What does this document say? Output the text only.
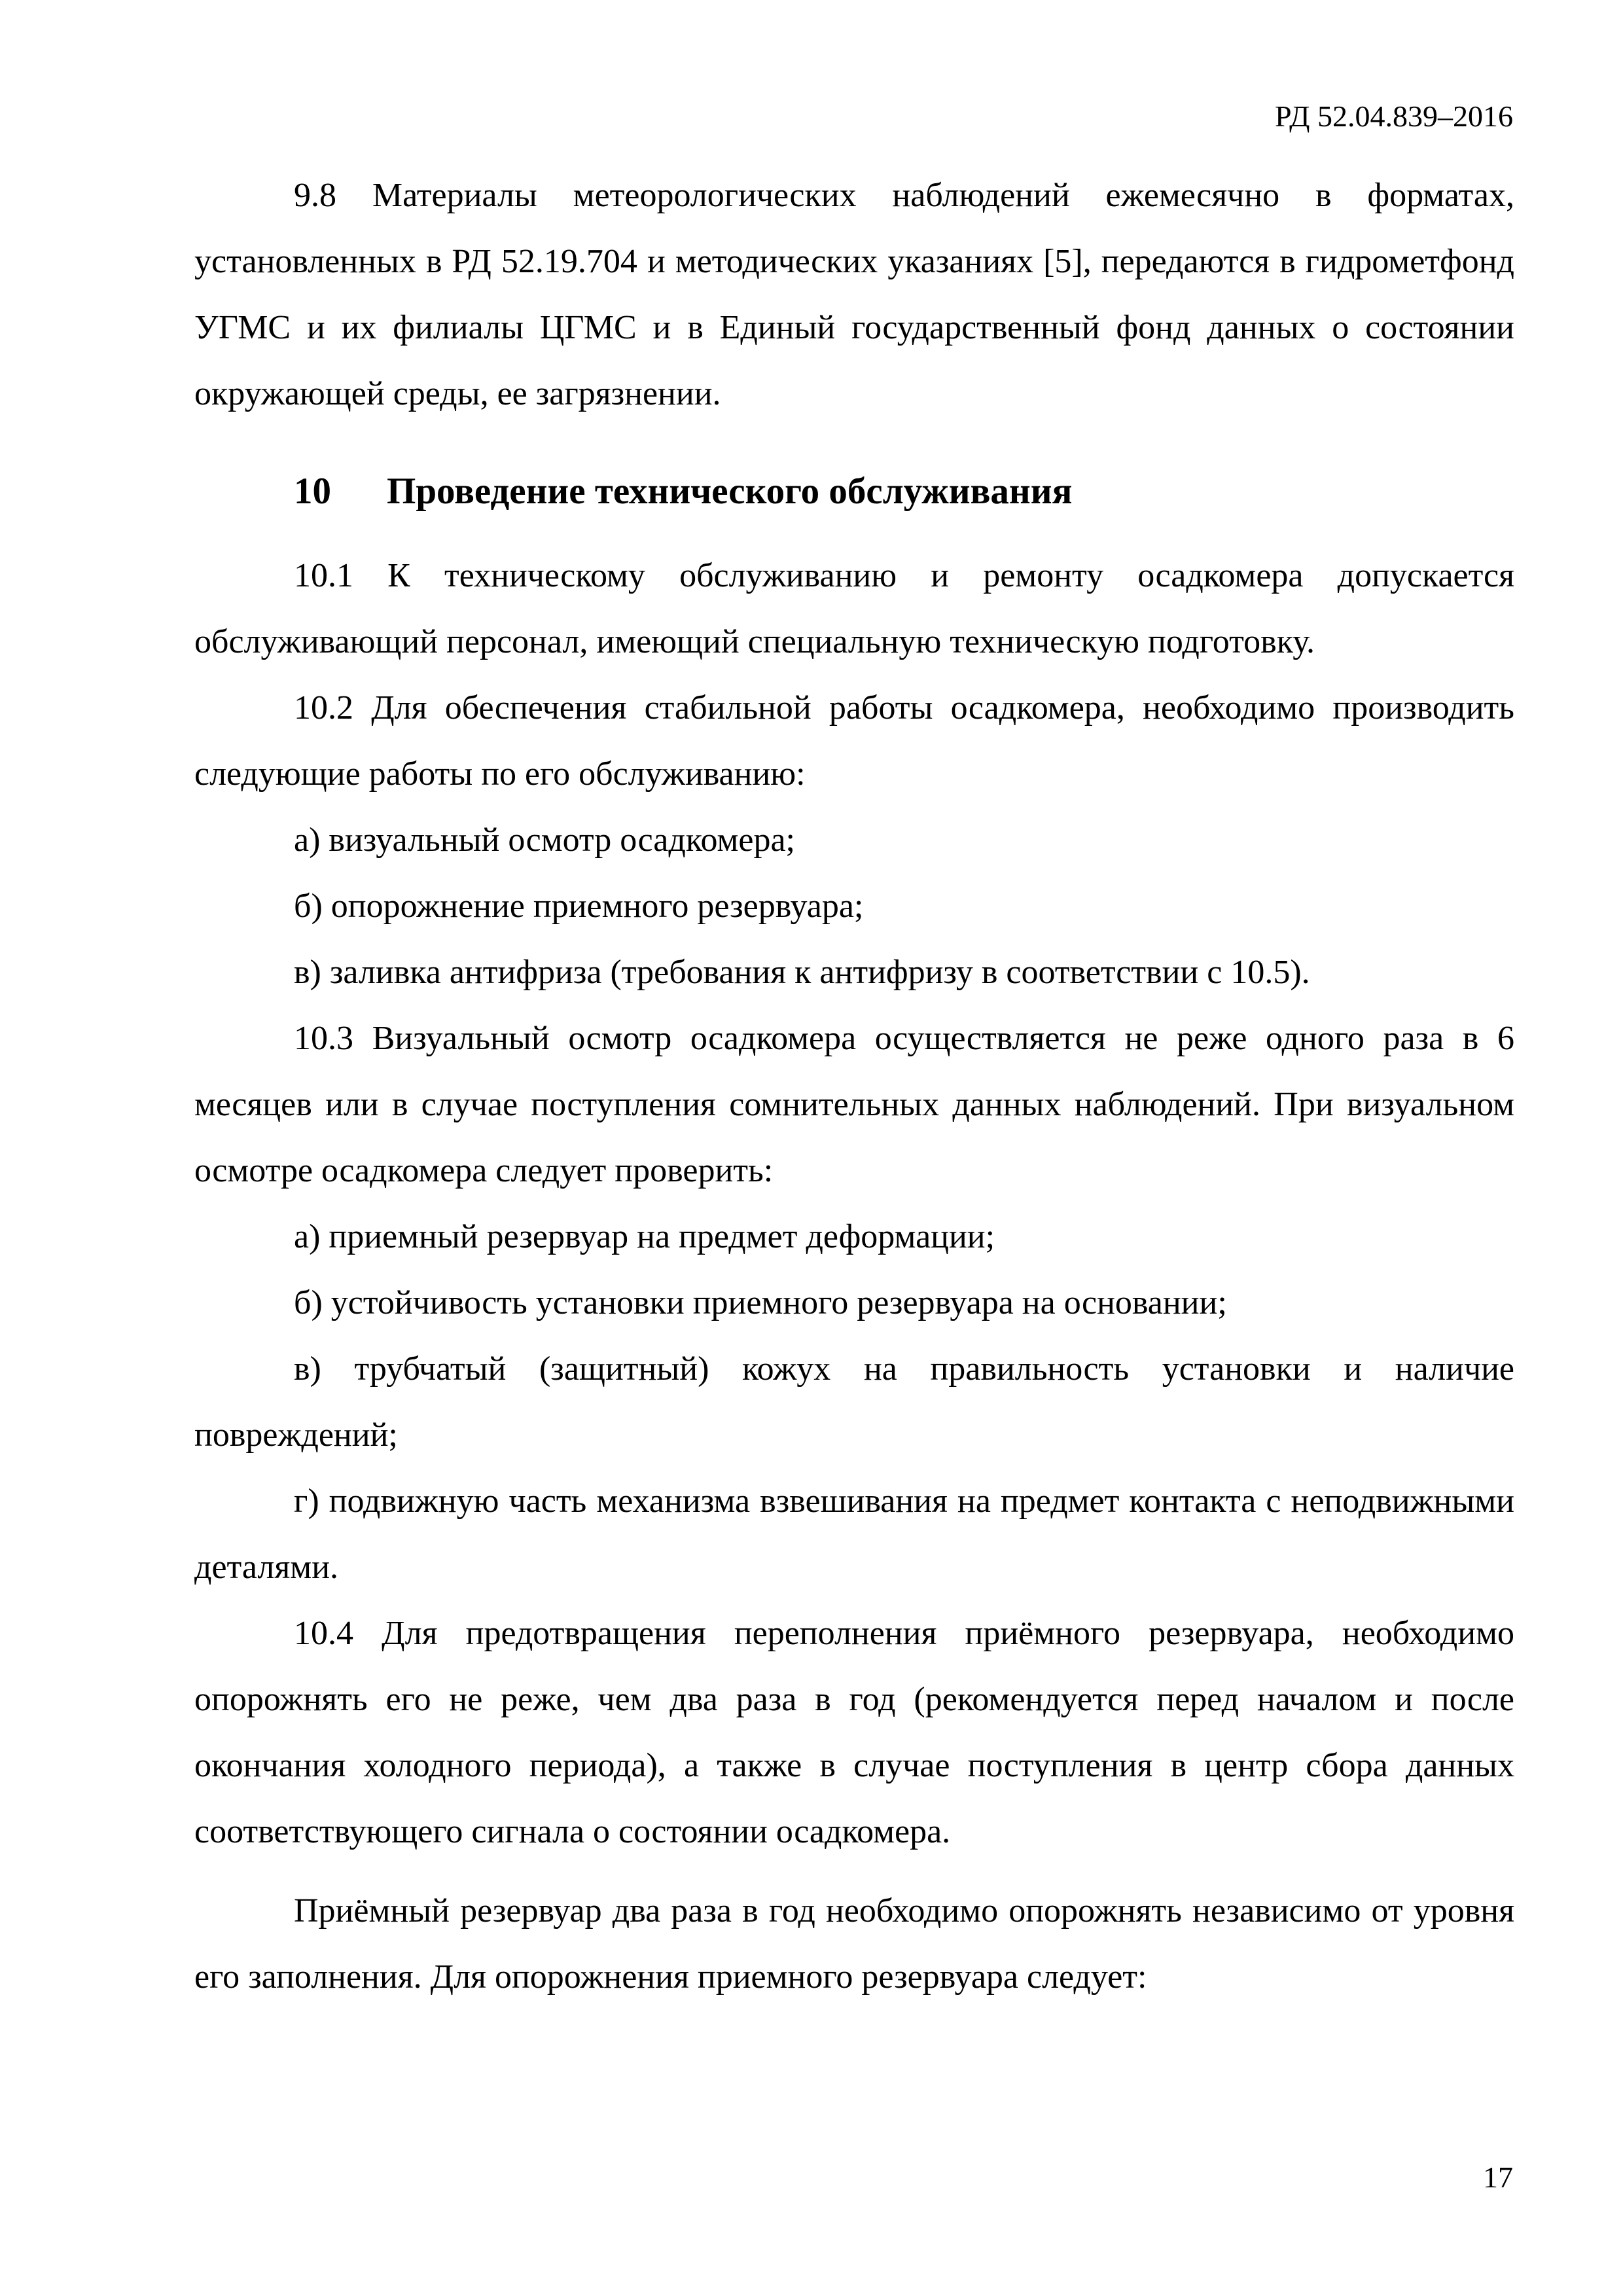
РД 52.04.839–2016

9.8 Материалы метеорологических наблюдений ежемесячно в форматах, установленных в РД 52.19.704 и методических указаниях [5], передаются в гидрометфонд УГМС и их филиалы ЦГМС и в Единый государственный фонд данных о состоянии окружающей среды, ее загрязнении.

10 Проведение технического обслуживания

10.1 К техническому обслуживанию и ремонту осадкомера допускается обслуживающий персонал, имеющий специальную техническую подготовку.

10.2 Для обеспечения стабильной работы осадкомера, необходимо производить следующие работы по его обслуживанию:

а) визуальный осмотр осадкомера;

б) опорожнение приемного резервуара;

в) заливка антифриза (требования к антифризу в соответствии с 10.5).

10.3 Визуальный осмотр осадкомера осуществляется не реже одного раза в 6 месяцев или в случае поступления сомнительных данных наблюдений. При визуальном осмотре осадкомера следует проверить:

а) приемный резервуар на предмет деформации;

б) устойчивость установки приемного резервуара на основании;

в) трубчатый (защитный) кожух на правильность установки и наличие повреждений;

г) подвижную часть механизма взвешивания на предмет контакта с неподвижными деталями.

10.4 Для предотвращения переполнения приёмного резервуара, необходимо опорожнять его не реже, чем два раза в год (рекомендуется перед началом и после окончания холодного периода), а также в случае поступления в центр сбора данных соответствующего сигнала о состоянии осадкомера.

Приёмный резервуар два раза в год необходимо опорожнять независимо от уровня его заполнения. Для опорожнения приемного резервуара следует:

17
